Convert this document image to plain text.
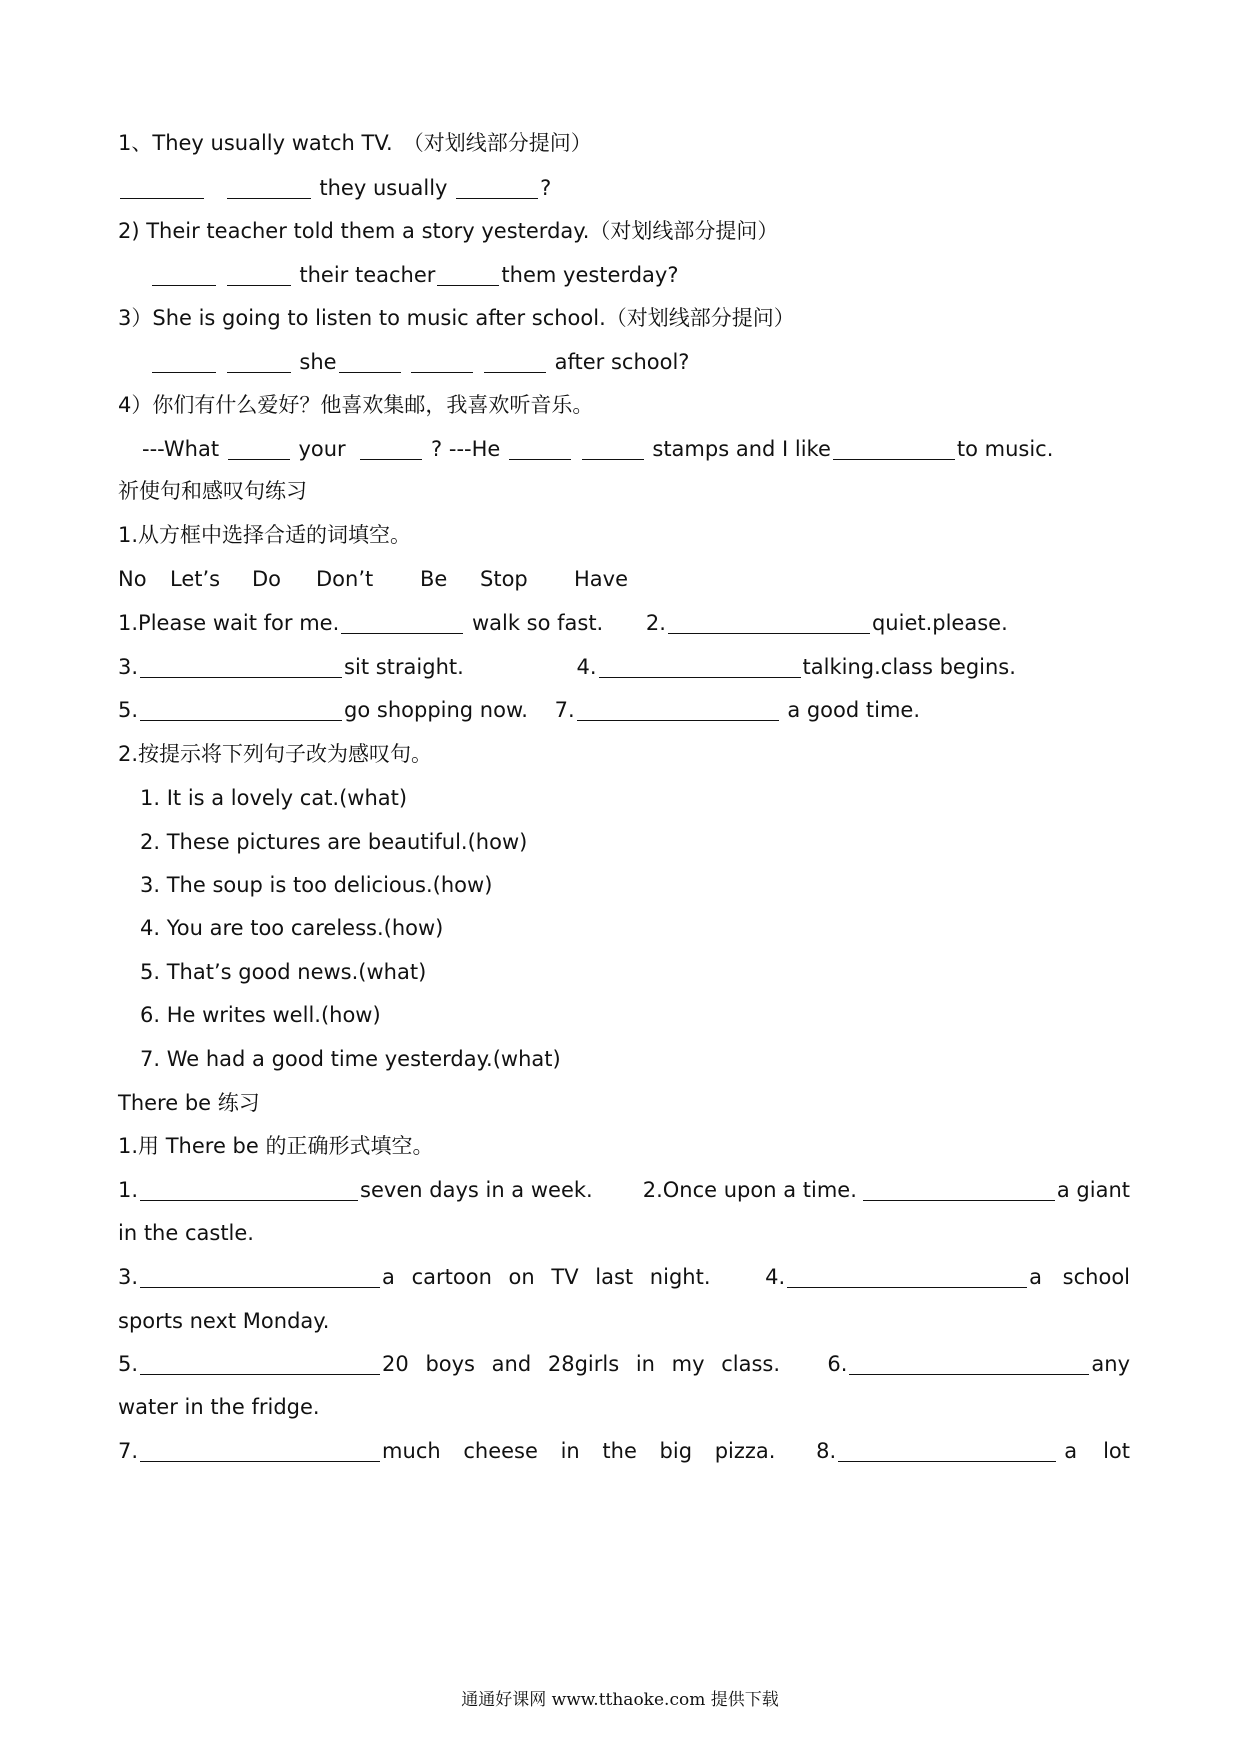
1、They usually watch TV. （对划线部分提问）
they usually	?
2) Their teacher told them a story yesterday.（对划线部分提问）
their teacher	them yesterday?
3）She is going to listen to music after school.（对划线部分提问）
she	after school?
4）你们有什么爱好？他喜欢集邮，我喜欢听音乐。
---What	your	? ---He	stamps and I like	to music.
祈使句和感叹句练习
1.从方框中选择合适的词填空。
No Let’s Do Don’t Be Stop Have
1.Please wait for me.	walk so fast. 2.	quiet.please.
3.	sit straight.	4.	talking.class begins.
5.	go shopping now. 7.	a good time.
2.按提示将下列句子改为感叹句。
1. It is a lovely cat.(what)
2. These pictures are beautiful.(how)
3. The soup is too delicious.(how)
4. You are too careless.(how)
5. That’s good news.(what)
6. He writes well.(how)
7. We had a good time yesterday.(what)
There be 练习
1.用 There be 的正确形式填空。
1.	seven days in a week. 2.Once upon a time.	a giant
in the castle.
3.	a cartoon on TV last night.	4.	a school
sports next Monday.
5.	20 boys and 28girls in my class. 6.	any
water in the fridge.
7.	much cheese in the big pizza. 8.	a lot
通通好课网 www.tthaoke.com 提供下载
